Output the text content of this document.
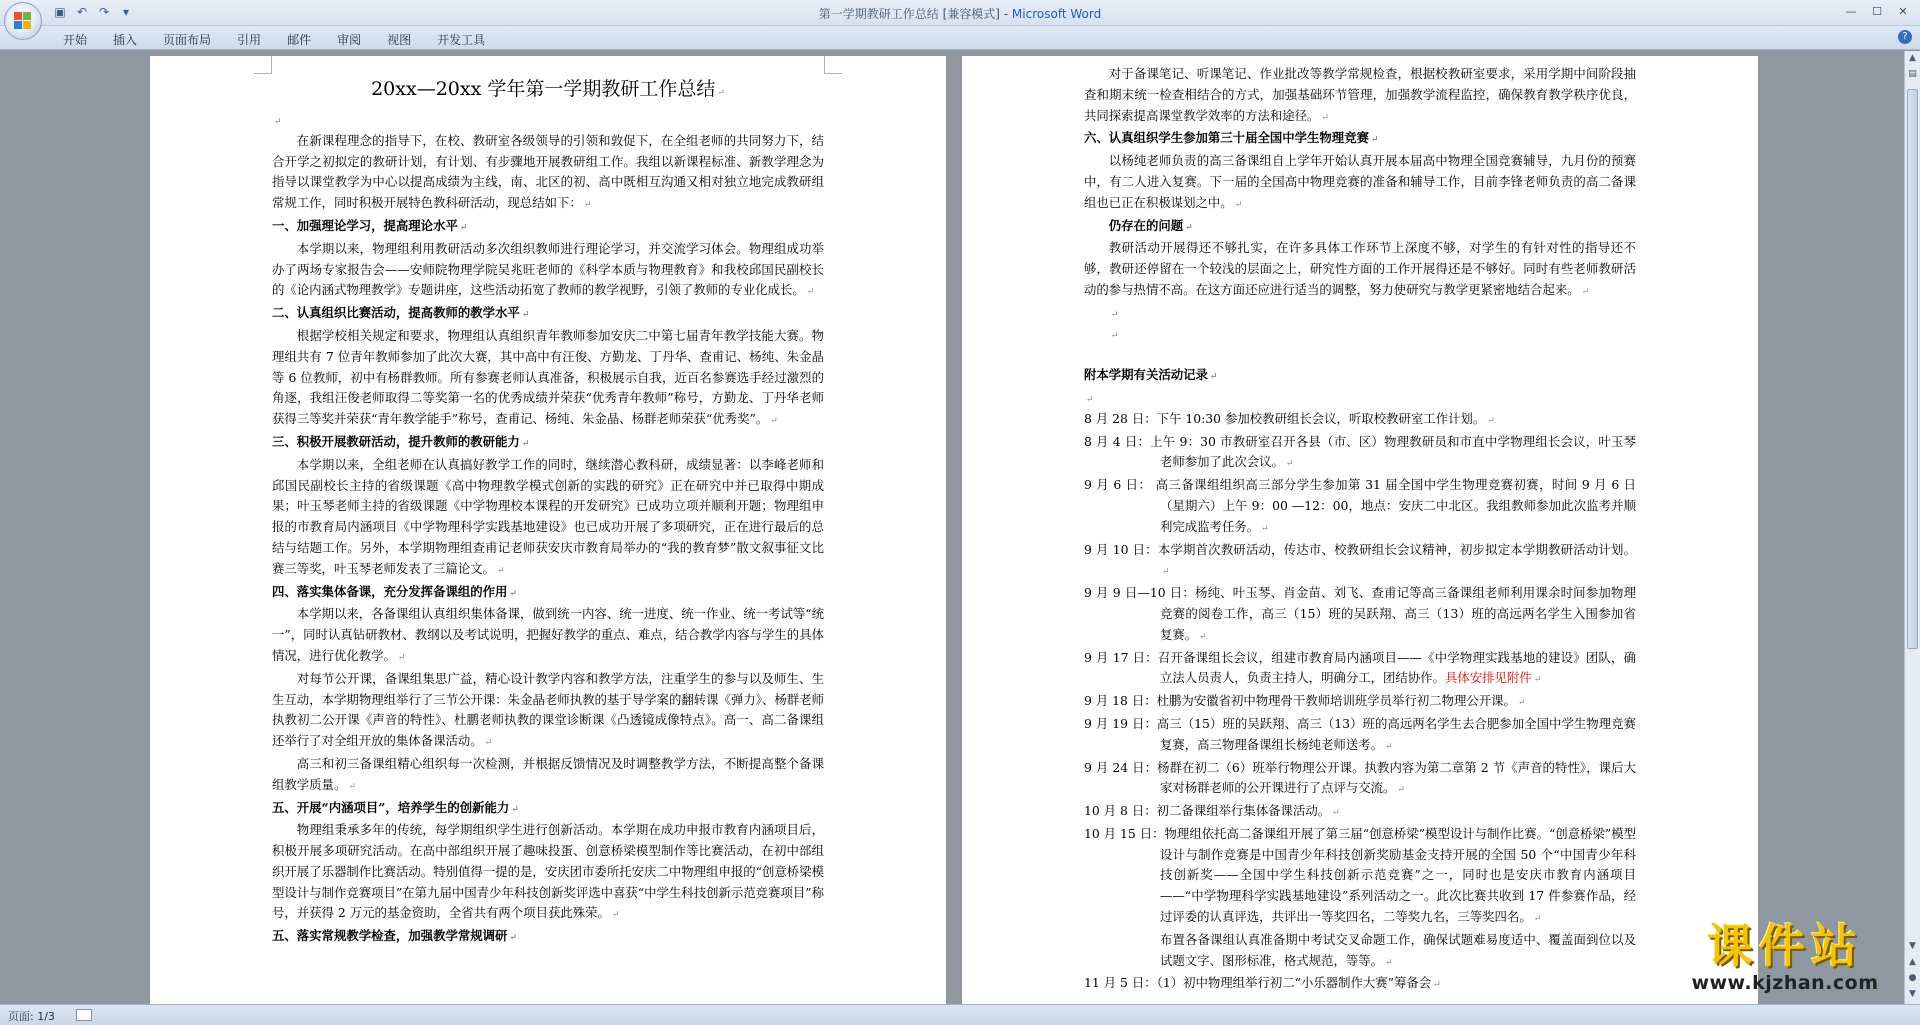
▣ ↶ ↷	▾	第一学期教研工作总结 [兼容模式] - Microsoft Word	—	☐	✕
开始	插入	页面布局	引用	邮件	审阅	视图	开发工具	?
20xx—20xx 学年第一学期教研工作总结 ↵
↵
在新课程理念的指导下，在校、教研室各级领导的引领和敦促下，在全组老师的共同努力下，结合开学之初拟定的教研计划，有计划、有步骤地开展教研组工作。我组以新课程标准、新教学理念为指导以课堂教学为中心以提高成绩为主线，南、北区的初、高中既相互沟通又相对独立地完成教研组常规工作，同时积极开展特色教科研活动，现总结如下： ↵
一、加强理论学习，提高理论水平 ↵
本学期以来，物理组利用教研活动多次组织教师进行理论学习，并交流学习体会。物理组成功举办了两场专家报告会——安师院物理学院吴兆旺老师的《科学本质与物理教育》和我校邱国民副校长的《论内涵式物理教学》专题讲座，这些活动拓宽了教师的教学视野，引领了教师的专业化成长。 ↵
二、认真组织比赛活动，提高教师的教学水平 ↵
根据学校相关规定和要求，物理组认真组织青年教师参加安庆二中第七届青年教学技能大赛。物理组共有 7 位青年教师参加了此次大赛，其中高中有汪俊、方勤龙、丁丹华、查甫记、杨纯、朱金晶等 6 位教师，初中有杨群教师。所有参赛老师认真准备，积极展示自我，近百名参赛选手经过激烈的角逐，我组汪俊老师取得二等奖第一名的优秀成绩并荣获“优秀青年教师”称号，方勤龙、丁丹华老师获得三等奖并荣获“青年教学能手”称号，查甫记、杨纯、朱金晶、杨群老师荣获“优秀奖”。 ↵
三、积极开展教研活动，提升教师的教研能力 ↵
本学期以来，全组老师在认真搞好教学工作的同时，继续潜心教科研，成绩显著：以李峰老师和邱国民副校长主持的省级课题《高中物理教学模式创新的实践的研究》正在研究中并已取得中期成果；叶玉琴老师主持的省级课题《中学物理校本课程的开发研究》已成功立项并顺利开题；物理组申报的市教育局内涵项目《中学物理科学实践基地建设》也已成功开展了多项研究，正在进行最后的总结与结题工作。另外，本学期物理组查甫记老师获安庆市教育局举办的“我的教育梦”散文叙事征文比赛三等奖，叶玉琴老师发表了三篇论文。 ↵
四、落实集体备课，充分发挥备课组的作用 ↵
本学期以来，各备课组认真组织集体备课，做到统一内容、统一进度、统一作业、统一考试等“统一”，同时认真钻研教材、教纲以及考试说明，把握好教学的重点、难点，结合教学内容与学生的具体情况，进行优化教学。 ↵
对每节公开课，备课组集思广益，精心设计教学内容和教学方法，注重学生的参与以及师生、生生互动，本学期物理组举行了三节公开课：朱金晶老师执教的基于导学案的翻转课《弹力》、杨群老师执教初二公开课《声音的特性》、杜鹏老师执教的课堂诊断课《凸透镜成像特点》。高一、高二备课组还举行了对全组开放的集体备课活动。 ↵
高三和初三备课组精心组织每一次检测，并根据反馈情况及时调整教学方法，不断提高整个备课组教学质量。 ↵
五、开展“内涵项目”，培养学生的创新能力 ↵
物理组秉承多年的传统，每学期组织学生进行创新活动。本学期在成功申报市教育内涵项目后，积极开展多项研究活动。在高中部组织开展了趣味投蛋、创意桥梁模型制作等比赛活动，在初中部组织开展了乐器制作比赛活动。特别值得一提的是，安庆团市委所托安庆二中物理组申报的“创意桥梁模型设计与制作竞赛项目”在第九届中国青少年科技创新奖评选中喜获“中学生科技创新示范竞赛项目”称号，并获得 2 万元的基金资助，全省共有两个项目获此殊荣。 ↵
五、落实常规教学检查，加强教学常规调研 ↵
对于备课笔记、听课笔记、作业批改等教学常规检查，根据校教研室要求，采用学期中间阶段抽查和期末统一检查相结合的方式，加强基础环节管理，加强教学流程监控，确保教育教学秩序优良，共同探索提高课堂教学效率的方法和途径。 ↵
六、认真组织学生参加第三十届全国中学生物理竞赛 ↵
以杨纯老师负责的高三备课组自上学年开始认真开展本届高中物理全国竞赛辅导，九月份的预赛中，有二人进入复赛。下一届的全国高中物理竞赛的准备和辅导工作，目前李锋老师负责的高二备课组也已正在积极谋划之中。 ↵
仍存在的问题 ↵
教研活动开展得还不够扎实，在许多具体工作环节上深度不够，对学生的有针对性的指导还不够，教研还停留在一个较浅的层面之上，研究性方面的工作开展得还是不够好。同时有些老师教研活动的参与热情不高。在这方面还应进行适当的调整，努力使研究与教学更紧密地结合起来。 ↵
↵
↵
附本学期有关活动记录 ↵
↵
8 月 28 日：下午 10:30 参加校教研组长会议，听取校教研室工作计划。 ↵
8 月 4 日：上午 9：30 市教研室召开各县（市、区）物理教研员和市直中学物理组长会议，叶玉琴老师参加了此次会议。 ↵
9 月 6 日： 高三备课组组织高三部分学生参加第 31 届全国中学生物理竞赛初赛，时间 9 月 6 日（星期六）上午 9：00 —12：00，地点：安庆二中北区。我组教师参加此次监考并顺利完成监考任务。 ↵
9 月 10 日：本学期首次教研活动，传达市、校教研组长会议精神，初步拟定本学期教研活动计划。 ↵
9 月 9 日—10 日：杨纯、叶玉琴、肖金苗、刘飞、查甫记等高三备课组老师利用课余时间参加物理竞赛的阅卷工作，高三（15）班的吴跃翔、高三（13）班的高远两名学生入围参加省复赛。 ↵
9 月 17 日：召开备课组长会议，组建市教育局内涵项目——《中学物理实践基地的建设》团队，确立法人员责人，负责主持人，明确分工，团结协作。具体安排见附件 ↵
9 月 18 日：杜鹏为安徽省初中物理骨干教师培训班学员举行初二物理公开课。 ↵
9 月 19 日：高三（15）班的吴跃翔、高三（13）班的高远两名学生去合肥参加全国中学生物理竞赛复赛，高三物理备课组长杨纯老师送考。 ↵
9 月 24 日：杨群在初二（6）班举行物理公开课。执教内容为第二章第 2 节《声音的特性》，课后大家对杨群老师的公开课进行了点评与交流。 ↵
10 月 8 日：初二备课组举行集体备课活动。 ↵
10 月 15 日：物理组依托高二备课组开展了第三届“创意桥梁”模型设计与制作比赛。“创意桥梁”模型设计与制作竞赛是中国青少年科技创新奖励基金支持开展的全国 50 个“中国青少年科技创新奖——全国中学生科技创新示范竞赛”之一，同时也是安庆市教育内涵项目——“中学物理科学实践基地建设”系列活动之一。此次比赛共收到 17 件参赛作品，经过评委的认真评选，共评出一等奖四名，二等奖九名，三等奖四名。 ↵
布置各备课组认真准备期中考试交叉命题工作，确保试题难易度适中、覆盖面到位以及试题文字、图形标准，格式规范，等等。 ↵
11 月 5 日：（1）初中物理组举行初二“小乐器制作大赛”筹备会 ↵
▲
▤
▼
▲
●
▼
页面: 1/3
课件站
www.kjzhan.com
